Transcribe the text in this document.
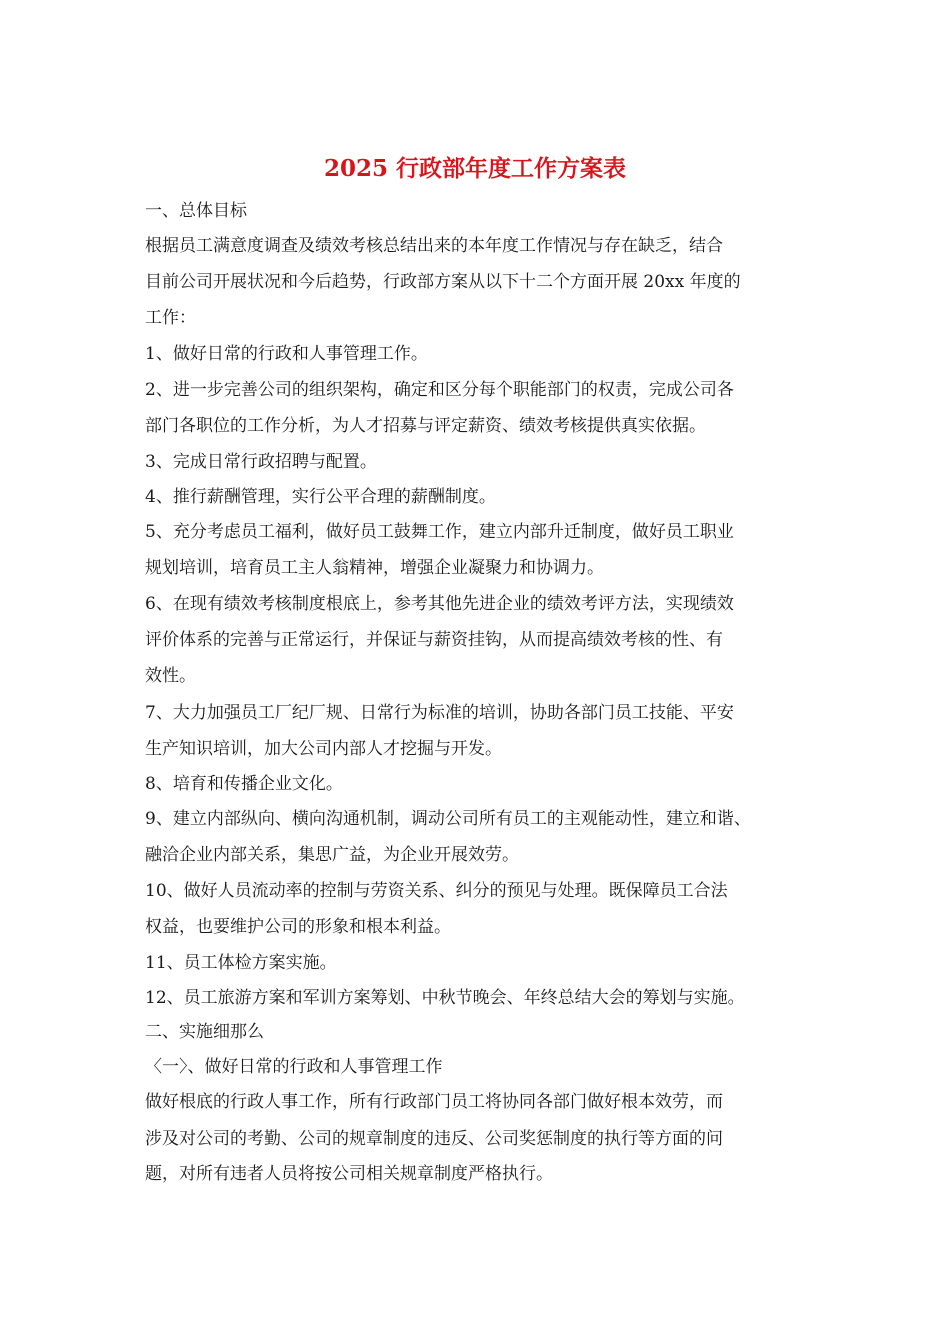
2025 行政部年度工作方案表
一、总体目标
根据员工满意度调查及绩效考核总结出来的本年度工作情况与存在缺乏，结合
目前公司开展状况和今后趋势，行政部方案从以下十二个方面开展 20xx 年度的
工作：
1、做好日常的行政和人事管理工作。
2、进一步完善公司的组织架构，确定和区分每个职能部门的权责，完成公司各
部门各职位的工作分析，为人才招募与评定薪资、绩效考核提供真实依据。
3、完成日常行政招聘与配置。
4、推行薪酬管理，实行公平合理的薪酬制度。
5、充分考虑员工福利，做好员工鼓舞工作，建立内部升迁制度，做好员工职业
规划培训，培育员工主人翁精神，增强企业凝聚力和协调力。
6、在现有绩效考核制度根底上，参考其他先进企业的绩效考评方法，实现绩效
评价体系的完善与正常运行，并保证与薪资挂钩，从而提高绩效考核的性、有
效性。
7、大力加强员工厂纪厂规、日常行为标准的培训，协助各部门员工技能、平安
生产知识培训，加大公司内部人才挖掘与开发。
8、培育和传播企业文化。
9、建立内部纵向、横向沟通机制，调动公司所有员工的主观能动性，建立和谐、
融洽企业内部关系，集思广益，为企业开展效劳。
10、做好人员流动率的控制与劳资关系、纠分的预见与处理。既保障员工合法
权益，也要维护公司的形象和根本利益。
11、员工体检方案实施。
12、员工旅游方案和军训方案筹划、中秋节晚会、年终总结大会的筹划与实施。
二、实施细那么
〈一〉、做好日常的行政和人事管理工作
做好根底的行政人事工作，所有行政部门员工将协同各部门做好根本效劳，而
涉及对公司的考勤、公司的规章制度的违反、公司奖惩制度的执行等方面的问
题，对所有违者人员将按公司相关规章制度严格执行。
